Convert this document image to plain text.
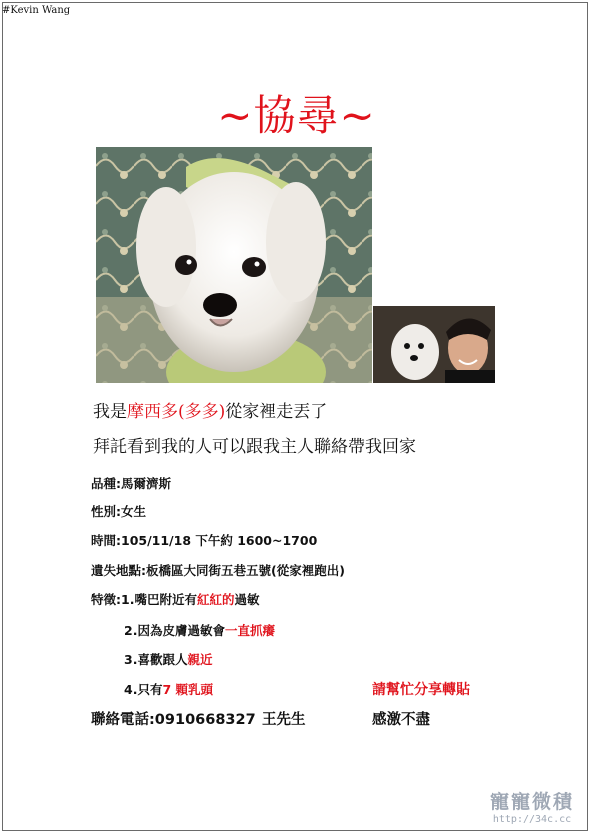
#Kevin Wang
~協尋~
我是摩西多(多多)從家裡走丟了
拜託看到我的人可以跟我主人聯絡帶我回家
品種:馬爾濟斯
性別:女生
時間:105/11/18 下午約 1600~1700
遺失地點:板橋區大同街五巷五號(從家裡跑出)
特徵:1.嘴巴附近有紅紅的過敏
2.因為皮膚過敏會一直抓癢
3.喜歡跟人親近
4.只有7 顆乳頭	請幫忙分享轉貼
聯絡電話:0910668327 王先生	感激不盡
寵寵微積
http://34c.cc
